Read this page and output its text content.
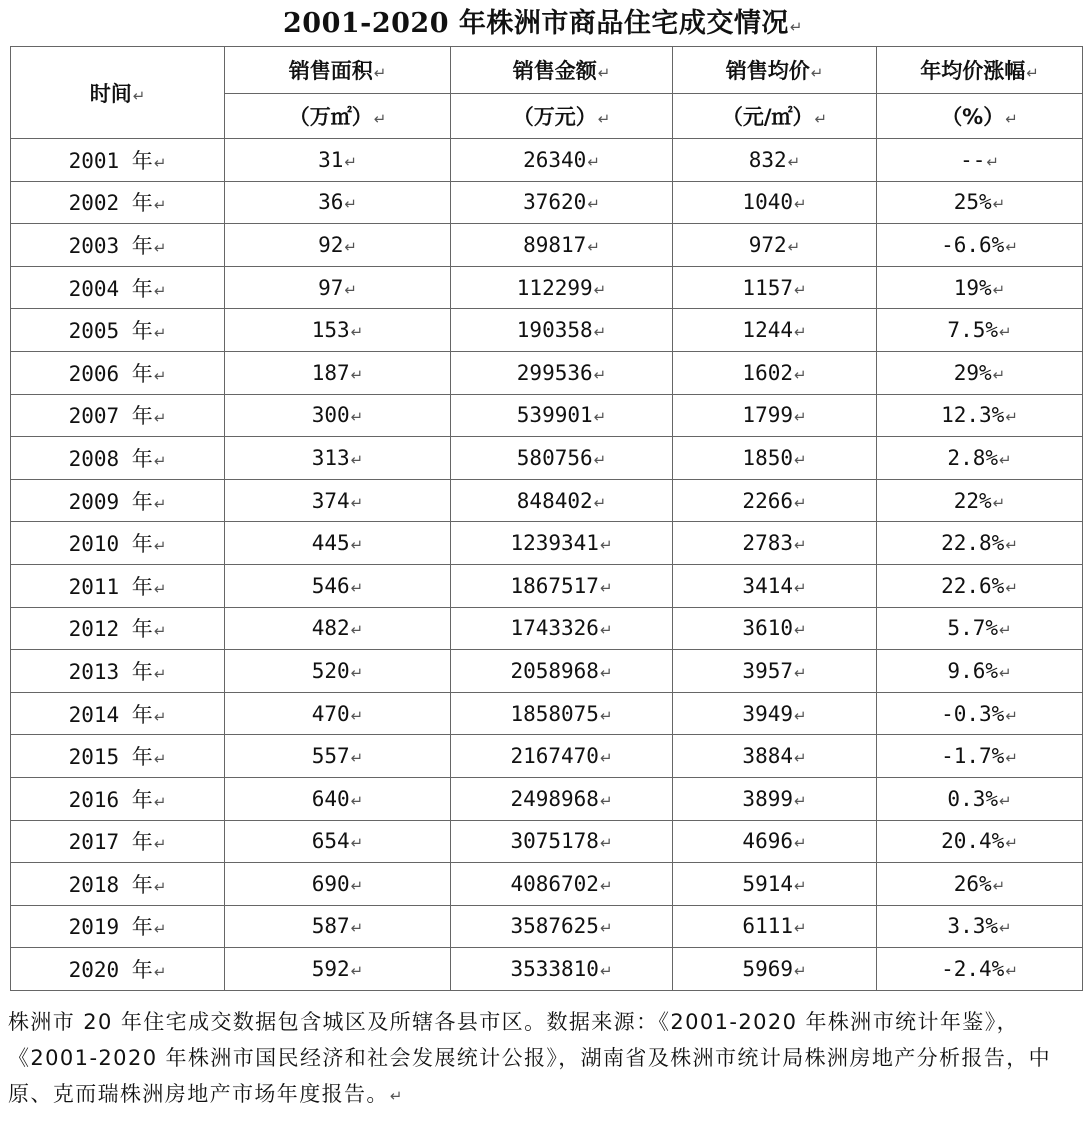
2001-2020 年株洲市商品住宅成交情况↵
时间↵	销售面积↵	销售金额↵	销售均价↵	年均价涨幅↵
	（万㎡）↵	（万元）↵	（元/㎡）↵	（%）↵
2001 年↵	31↵	26340↵	832↵	--↵
2002 年↵	36↵	37620↵	1040↵	25%↵
2003 年↵	92↵	89817↵	972↵	-6.6%↵
2004 年↵	97↵	112299↵	1157↵	19%↵
2005 年↵	153↵	190358↵	1244↵	7.5%↵
2006 年↵	187↵	299536↵	1602↵	29%↵
2007 年↵	300↵	539901↵	1799↵	12.3%↵
2008 年↵	313↵	580756↵	1850↵	2.8%↵
2009 年↵	374↵	848402↵	2266↵	22%↵
2010 年↵	445↵	1239341↵	2783↵	22.8%↵
2011 年↵	546↵	1867517↵	3414↵	22.6%↵
2012 年↵	482↵	1743326↵	3610↵	5.7%↵
2013 年↵	520↵	2058968↵	3957↵	9.6%↵
2014 年↵	470↵	1858075↵	3949↵	-0.3%↵
2015 年↵	557↵	2167470↵	3884↵	-1.7%↵
2016 年↵	640↵	2498968↵	3899↵	0.3%↵
2017 年↵	654↵	3075178↵	4696↵	20.4%↵
2018 年↵	690↵	4086702↵	5914↵	26%↵
2019 年↵	587↵	3587625↵	6111↵	3.3%↵
2020 年↵	592↵	3533810↵	5969↵	-2.4%↵
株洲市 20 年住宅成交数据包含城区及所辖各县市区。数据来源：《2001-2020 年株洲市统计年鉴》，《2001-2020 年株洲市国民经济和社会发展统计公报》，湖南省及株洲市统计局株洲房地产分析报告，中原、克而瑞株洲房地产市场年度报告。↵
